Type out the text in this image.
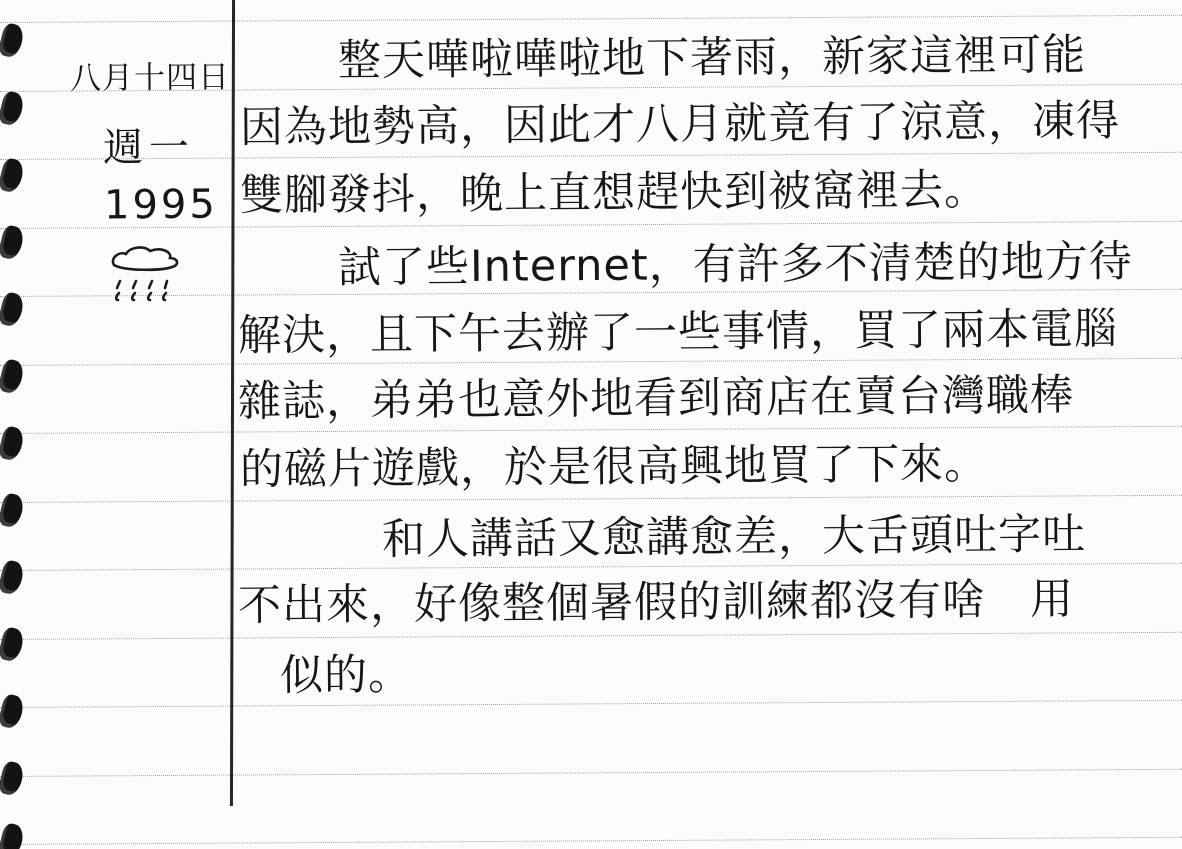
八月十四日
週一
1995
整天嘩啦嘩啦地下著雨，新家這裡可能
因為地勢高，因此才八月就竟有了涼意，凍得
雙腳發抖，晚上直想趕快到被窩裡去。
試了些Internet，有許多不清楚的地方待
解決，且下午去辦了一些事情，買了兩本電腦
雜誌，弟弟也意外地看到商店在賣台灣職棒
的磁片遊戲，於是很高興地買了下來。
和人講話又愈講愈差，大舌頭吐字吐
不出來，好像整個暑假的訓練都沒有啥　用
似的。
